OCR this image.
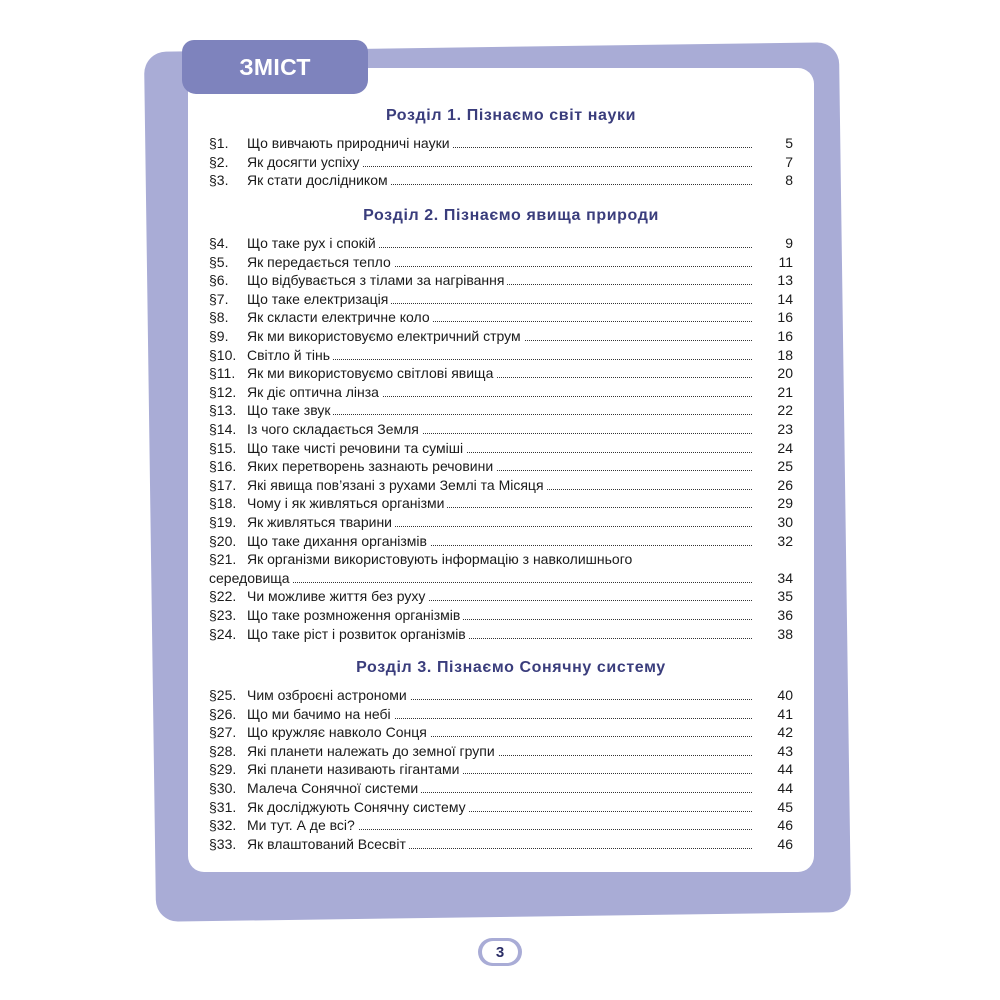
ЗМІСТ
Розділ 1. Пізнаємо світ науки
§1. Що вивчають природничі науки	5
§2. Як досягти успіху	7
§3. Як стати дослідником	8
Розділ 2. Пізнаємо явища природи
§4. Що таке рух і спокій	9
§5. Як передається тепло	11
§6. Що відбувається з тілами за нагрівання	13
§7. Що таке електризація	14
§8. Як скласти електричне коло	16
§9. Як ми використовуємо електричний струм	16
§10. Світло й тінь	18
§11. Як ми використовуємо світлові явища	20
§12. Як діє оптична лінза	21
§13. Що таке звук	22
§14. Із чого складається Земля	23
§15. Що таке чисті речовини та суміші	24
§16. Яких перетворень зазнають речовини	25
§17. Які явища пов’язані з рухами Землі та Місяця	26
§18. Чому і як живляться організми	29
§19. Як живляться тварини	30
§20. Що таке дихання організмів	32
§21. Як організми використовують інформацію з навколишнього
середовища	34
§22. Чи можливе життя без руху	35
§23. Що таке розмноження організмів	36
§24. Що таке ріст і розвиток організмів	38
Розділ 3. Пізнаємо Сонячну систему
§25. Чим озброєні астрономи	40
§26. Що ми бачимо на небі	41
§27. Що кружляє навколо Сонця	42
§28. Які планети належать до земної групи	43
§29. Які планети називають гігантами	44
§30. Малеча Сонячної системи	44
§31. Як досліджують Сонячну систему	45
§32. Ми тут. А де всі?	46
§33. Як влаштований Всесвіт	46
3
